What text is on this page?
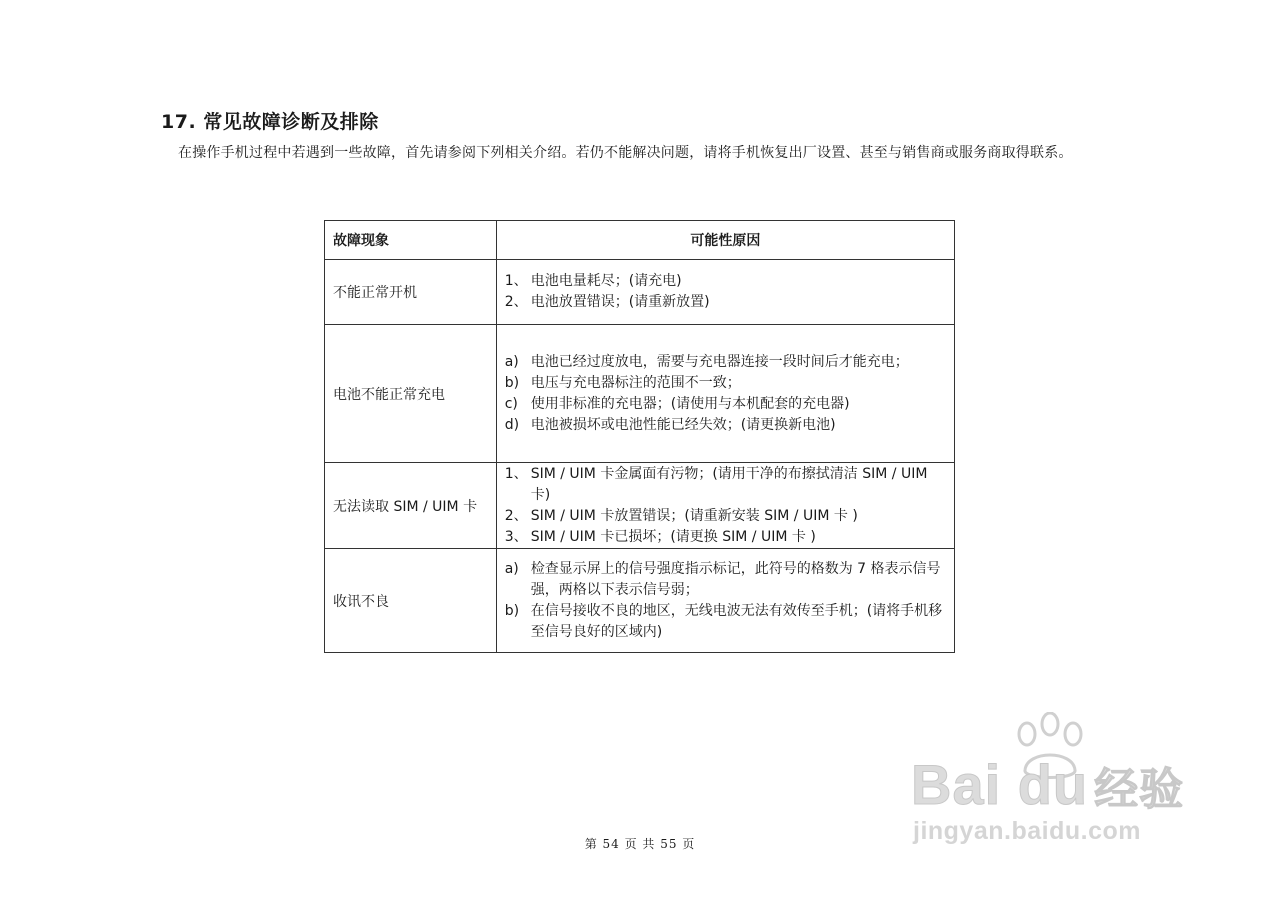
17. 常见故障诊断及排除
在操作手机过程中若遇到一些故障，首先请参阅下列相关介绍。若仍不能解决问题，请将手机恢复出厂设置、甚至与销售商或服务商取得联系。
故障现象	可能性原因
不能正常开机	1、 电池电量耗尽；(请充电)
2、 电池放置错误；(请重新放置)

电池不能正常充电	a) 电池已经过度放电，需要与充电器连接一段时间后才能充电；
b) 电压与充电器标注的范围不一致；
c) 使用非标准的充电器；(请使用与本机配套的充电器)
d) 电池被损坏或电池性能已经失效；(请更换新电池)

无法读取 SIM / UIM 卡	1、 SIM / UIM 卡金属面有污物；(请用干净的布擦拭清洁 SIM / UIM 卡)
2、 SIM / UIM 卡放置错误；(请重新安装 SIM / UIM 卡 )
3、 SIM / UIM 卡已损坏；(请更换 SIM / UIM 卡 )

收讯不良	a) 检查显示屏上的信号强度指示标记，此符号的格数为 7 格表示信号强，两格以下表示信号弱；
b) 在信号接收不良的地区，无线电波无法有效传至手机；(请将手机移至信号良好的区域内)
第 54 页 共 55 页
Bai du 经验
jingyan.baidu.com
